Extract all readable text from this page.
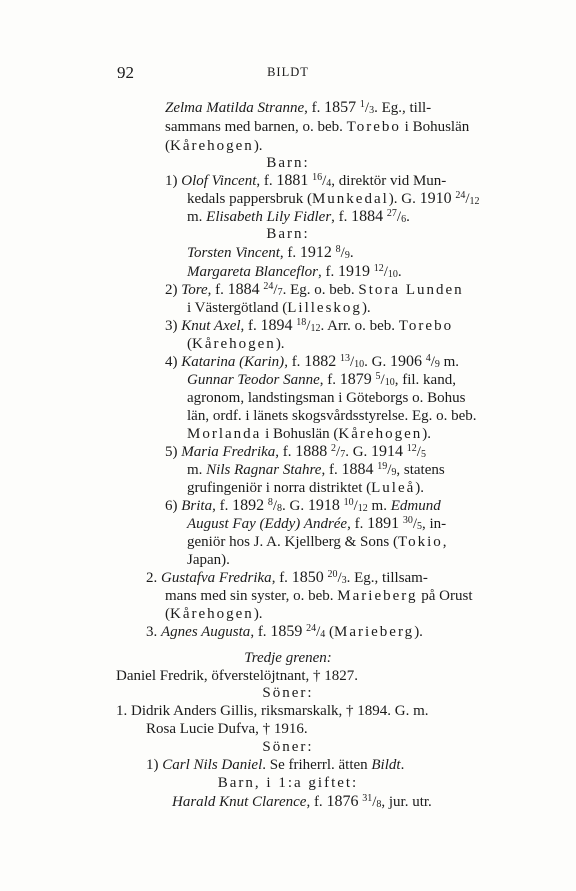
92	BILDT
Zelma Matilda Stranne, f. 1857 $^1/_3$. Eg., till-
sammans med barnen, o. beb. Torebo i Bohuslän
(Kårehogen).
Barn:
1) Olof Vincent, f. 1881 $^{16}/_4$, direktör vid Mun-
kedals pappersbruk (Munkedal). G. 1910 $^{24}/_{12}$
m. Elisabeth Lily Fidler, f. 1884 $^{27}/_6$.
Barn:
Torsten Vincent, f. 1912 $^8/_9$.
Margareta Blanceflor, f. 1919 $^{12}/_{10}$.
2) Tore, f. 1884 $^{24}/_7$. Eg. o. beb. Stora Lunden
i Västergötland (Lilleskog).
3) Knut Axel, f. 1894 $^{18}/_{12}$. Arr. o. beb. Torebo
(Kårehogen).
4) Katarina (Karin), f. 1882 $^{13}/_{10}$. G. 1906 $^4/_9$ m.
Gunnar Teodor Sanne, f. 1879 $^5/_{10}$, fil. kand,
agronom, landstingsman i Göteborgs o. Bohus
län, ordf. i länets skogsvårdsstyrelse. Eg. o. beb.
Morlanda i Bohuslän (Kårehogen).
5) Maria Fredrika, f. 1888 $^2/_7$. G. 1914 $^{12}/_5$
m. Nils Ragnar Stahre, f. 1884 $^{19}/_9$, statens
grufingeniör i norra distriktet (Luleå).
6) Brita, f. 1892 $^8/_8$. G. 1918 $^{10}/_{12}$ m. Edmund
August Fay (Eddy) Andrée, f. 1891 $^{30}/_5$, in-
geniör hos J. A. Kjellberg & Sons (Tokio,
Japan).
2. Gustafva Fredrika, f. 1850 $^{20}/_3$. Eg., tillsam-
mans med sin syster, o. beb. Marieberg på Orust
(Kårehogen).
3. Agnes Augusta, f. 1859 $^{24}/_4$ (Marieberg).
Tredje grenen:
Daniel Fredrik, öfverstelöjtnant, † 1827.
Söner:
1. Didrik Anders Gillis, riksmarskalk, † 1894. G. m.
Rosa Lucie Dufva, † 1916.
Söner:
1) Carl Nils Daniel. Se friherrl. ätten Bildt.
Barn, i 1:a giftet:
Harald Knut Clarence, f. 1876 $^{31}/_8$, jur. utr.
